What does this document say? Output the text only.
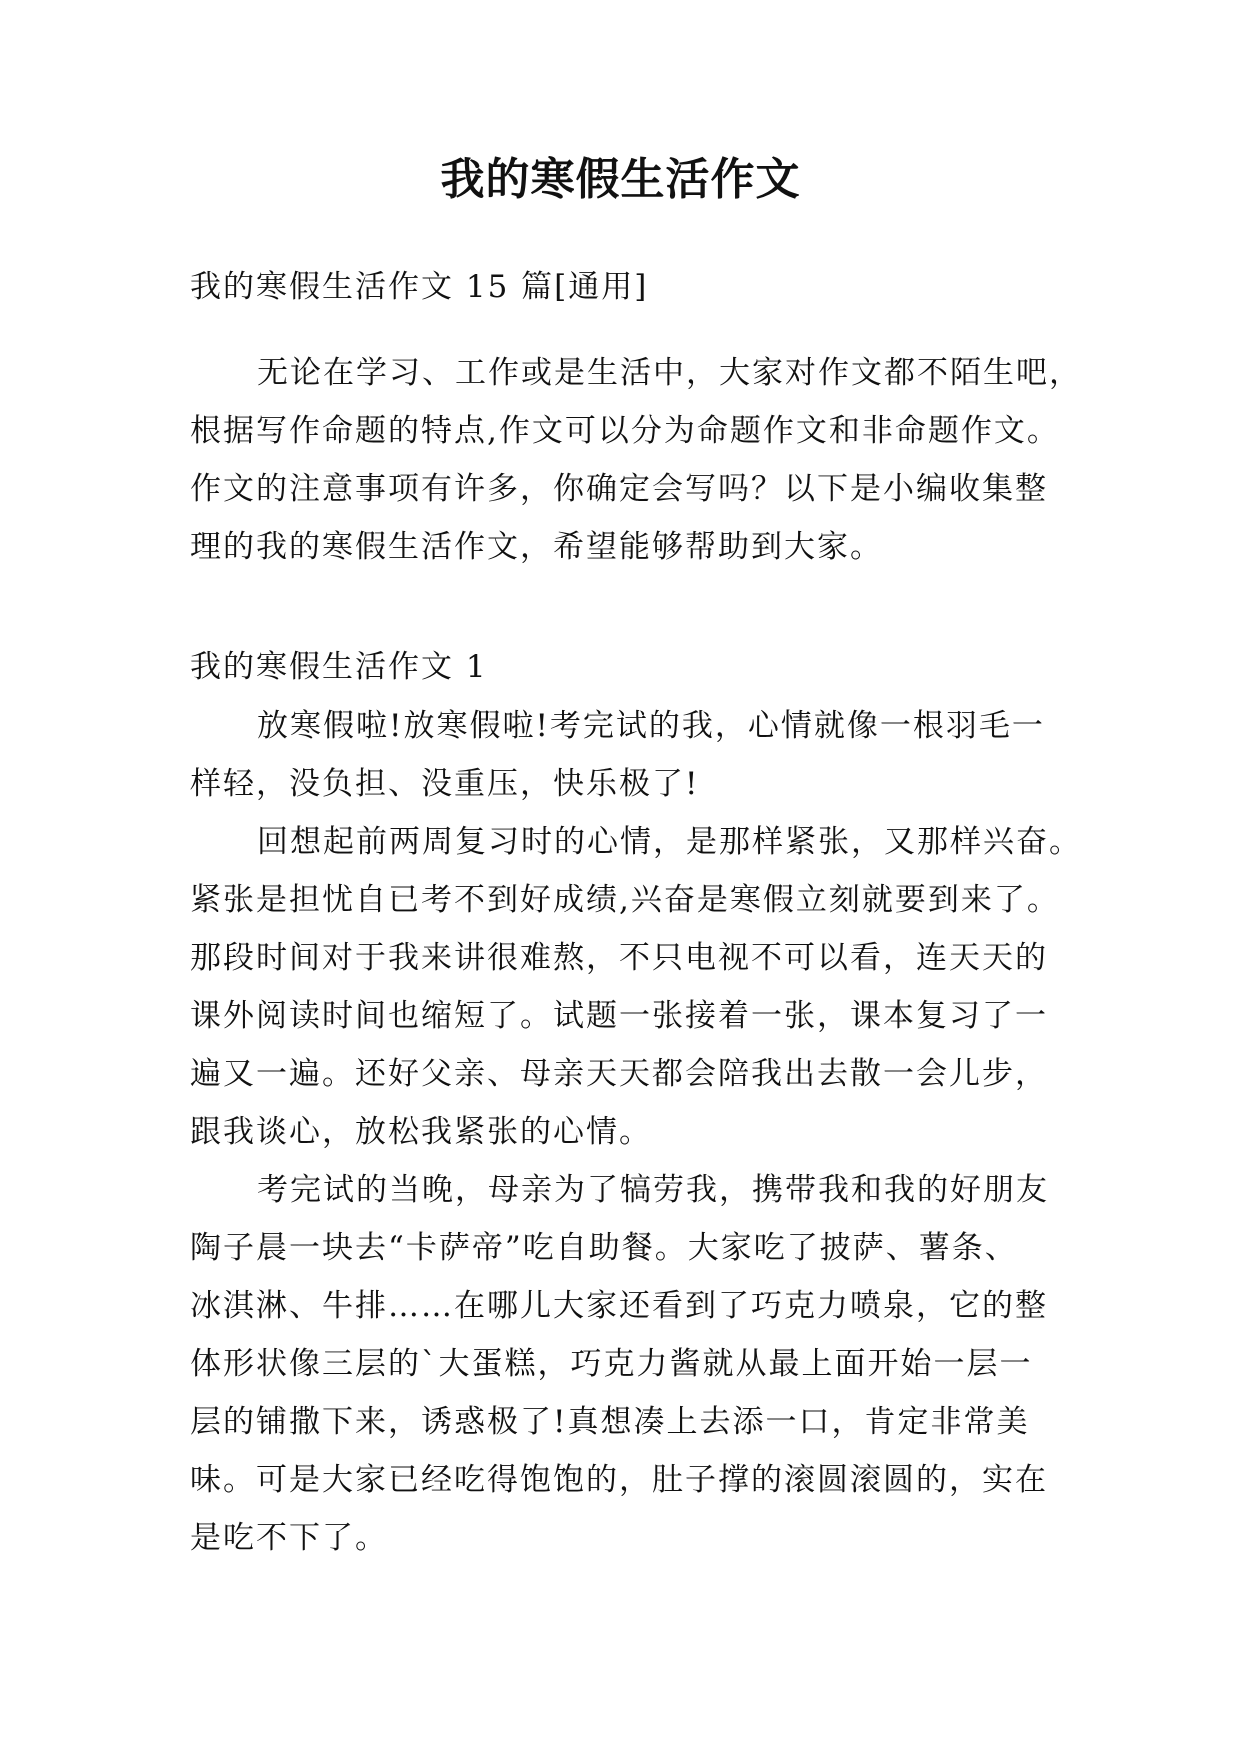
我的寒假生活作文
我的寒假生活作文 15 篇[通用]
无论在学习、工作或是生活中，大家对作文都不陌生吧，
根据写作命题的特点,作文可以分为命题作文和非命题作文。
作文的注意事项有许多，你确定会写吗？以下是小编收集整
理的我的寒假生活作文，希望能够帮助到大家。
我的寒假生活作文 1
放寒假啦!放寒假啦!考完试的我，心情就像一根羽毛一
样轻，没负担、没重压，快乐极了!
回想起前两周复习时的心情，是那样紧张，又那样兴奋。
紧张是担忧自已考不到好成绩,兴奋是寒假立刻就要到来了。
那段时间对于我来讲很难熬，不只电视不可以看，连天天的
课外阅读时间也缩短了。试题一张接着一张，课本复习了一
遍又一遍。还好父亲、母亲天天都会陪我出去散一会儿步，
跟我谈心，放松我紧张的心情。
考完试的当晚，母亲为了犒劳我，携带我和我的好朋友
陶子晨一块去“卡萨帝”吃自助餐。大家吃了披萨、薯条、
冰淇淋、牛排……在哪儿大家还看到了巧克力喷泉，它的整
体形状像三层的`大蛋糕，巧克力酱就从最上面开始一层一
层的铺撒下来，诱惑极了!真想凑上去添一口，肯定非常美
味。可是大家已经吃得饱饱的，肚子撑的滚圆滚圆的，实在
是吃不下了。
